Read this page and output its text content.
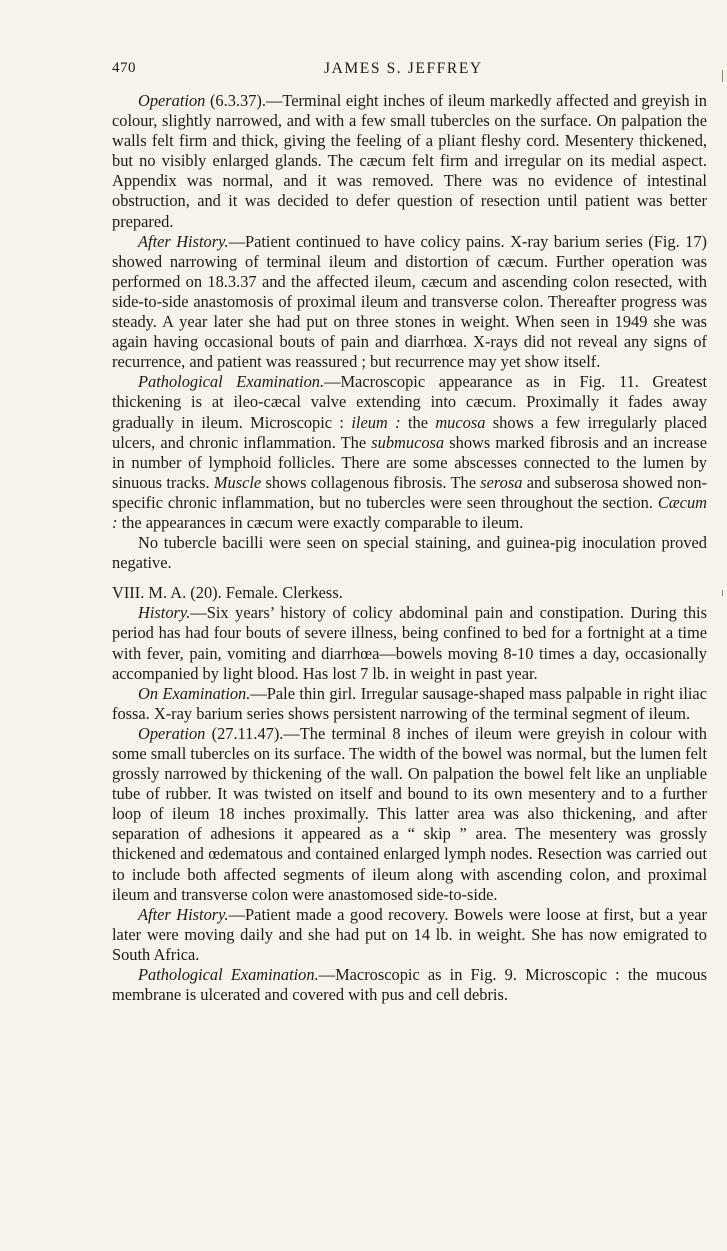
470	JAMES S. JEFFREY

Operation (6.3.37).—Terminal eight inches of ileum markedly affected and greyish in colour, slightly narrowed, and with a few small tubercles on the surface. On palpation the walls felt firm and thick, giving the feeling of a pliant fleshy cord. Mesentery thickened, but no visibly enlarged glands. The cæcum felt firm and irregular on its medial aspect. Appendix was normal, and it was removed. There was no evidence of intestinal obstruction, and it was decided to defer question of resection until patient was better prepared.

After History.—Patient continued to have colicy pains. X-ray barium series (Fig. 17) showed narrowing of terminal ileum and distortion of cæcum. Further operation was performed on 18.3.37 and the affected ileum, cæcum and ascending colon resected, with side-to-side anastomosis of proximal ileum and transverse colon. Thereafter progress was steady. A year later she had put on three stones in weight. When seen in 1949 she was again having occasional bouts of pain and diarrhœa. X-rays did not reveal any signs of recurrence, and patient was reassured ; but recurrence may yet show itself.

Pathological Examination.—Macroscopic appearance as in Fig. 11. Greatest thickening is at ileo-cæcal valve extending into cæcum. Proximally it fades away gradually in ileum. Microscopic : ileum : the mucosa shows a few irregularly placed ulcers, and chronic inflammation. The submucosa shows marked fibrosis and an increase in number of lymphoid follicles. There are some abscesses connected to the lumen by sinuous tracks. Muscle shows collagenous fibrosis. The serosa and subserosa showed non-specific chronic inflammation, but no tubercles were seen throughout the section. Cæcum : the appearances in cæcum were exactly comparable to ileum.

No tubercle bacilli were seen on special staining, and guinea-pig inoculation proved negative.

VIII. M. A. (20). Female. Clerkess.

History.—Six years’ history of colicy abdominal pain and constipation. During this period has had four bouts of severe illness, being confined to bed for a fortnight at a time with fever, pain, vomiting and diarrhœa—bowels moving 8-10 times a day, occasionally accompanied by light blood. Has lost 7 lb. in weight in past year.

On Examination.—Pale thin girl. Irregular sausage-shaped mass palpable in right iliac fossa. X-ray barium series shows persistent narrowing of the terminal segment of ileum.

Operation (27.11.47).—The terminal 8 inches of ileum were greyish in colour with some small tubercles on its surface. The width of the bowel was normal, but the lumen felt grossly narrowed by thickening of the wall. On palpation the bowel felt like an unpliable tube of rubber. It was twisted on itself and bound to its own mesentery and to a further loop of ileum 18 inches proximally. This latter area was also thickening, and after separation of adhesions it appeared as a “ skip ” area. The mesentery was grossly thickened and œdematous and contained enlarged lymph nodes. Resection was carried out to include both affected segments of ileum along with ascending colon, and proximal ileum and transverse colon were anastomosed side-to-side.

After History.—Patient made a good recovery. Bowels were loose at first, but a year later were moving daily and she had put on 14 lb. in weight. She has now emigrated to South Africa.

Pathological Examination.—Macroscopic as in Fig. 9. Microscopic : the mucous membrane is ulcerated and covered with pus and cell debris.
